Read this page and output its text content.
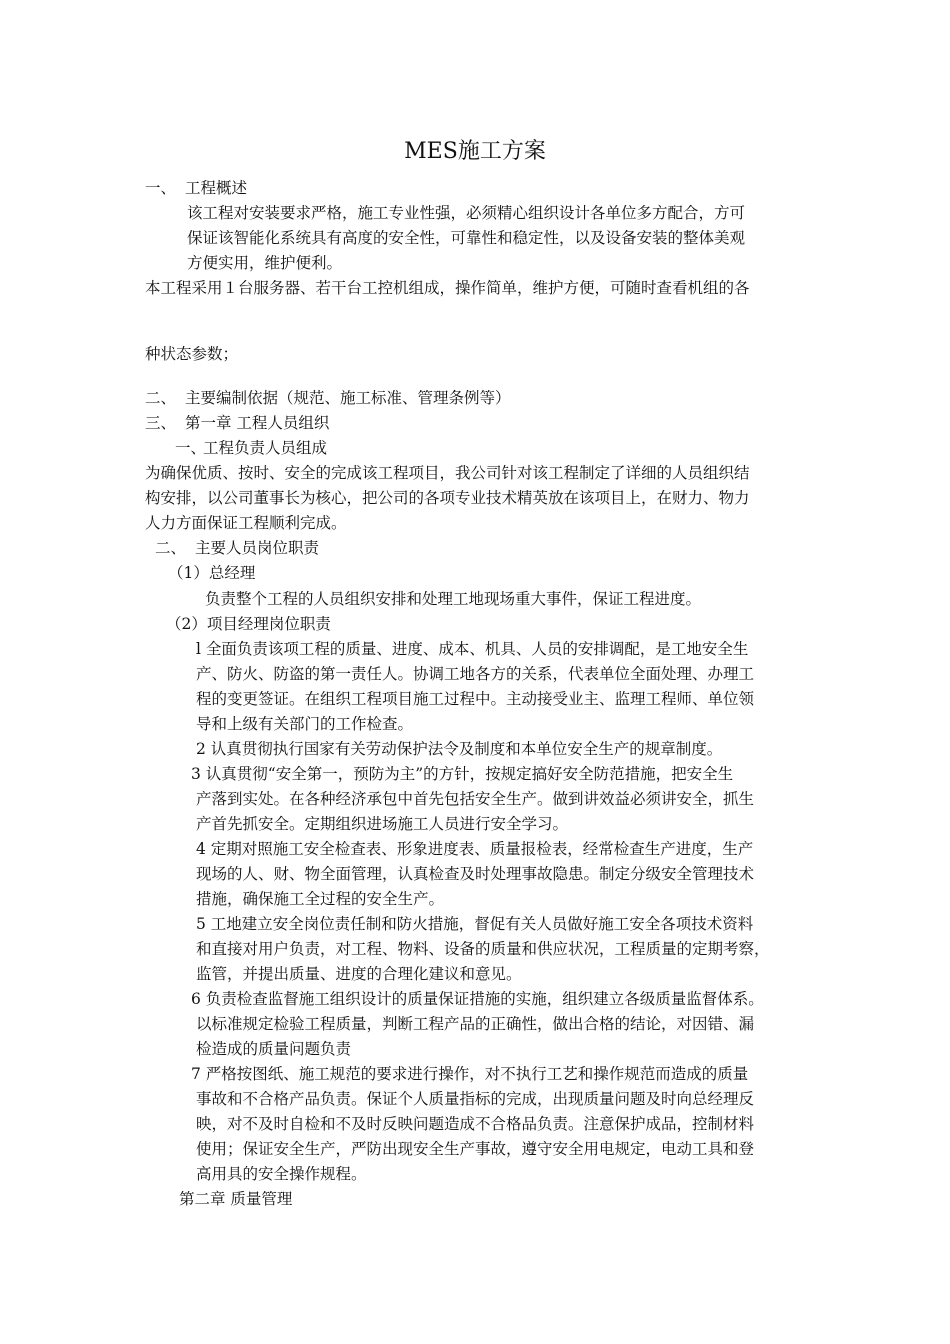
MES施工方案
一、 工程概述
该工程对安装要求严格，施工专业性强，必须精心组织设计各单位多方配合，方可
保证该智能化系统具有高度的安全性，可靠性和稳定性，以及设备安装的整体美观
方便实用，维护便利。
本工程采用１台服务器、若干台工控机组成，操作简单，维护方便，可随时查看机组的各
种状态参数；
二、 主要编制依据（规范、施工标准、管理条例等）
三、 第一章 工程人员组织
一、工程负责人员组成
为确保优质、按时、安全的完成该工程项目，我公司针对该工程制定了详细的人员组织结
构安排，以公司董事长为核心，把公司的各项专业技术精英放在该项目上，在财力、物力
人力方面保证工程顺利完成。
二、 主要人员岗位职责
（1）总经理
负责整个工程的人员组织安排和处理工地现场重大事件，保证工程进度。
（2）项目经理岗位职责
l 全面负责该项工程的质量、进度、成本、机具、人员的安排调配，是工地安全生
产、防火、防盗的第一责任人。协调工地各方的关系，代表单位全面处理、办理工
程的变更签证。在组织工程项目施工过程中。主动接受业主、监理工程师、单位领
导和上级有关部门的工作检查。
2 认真贯彻执行国家有关劳动保护法令及制度和本单位安全生产的规章制度。
3 认真贯彻“安全第一，预防为主”的方针，按规定搞好安全防范措施，把安全生
产落到实处。在各种经济承包中首先包括安全生产。做到讲效益必须讲安全，抓生
产首先抓安全。定期组织进场施工人员进行安全学习。
4 定期对照施工安全检查表、形象进度表、质量报检表，经常检查生产进度，生产
现场的人、财、物全面管理，认真检查及时处理事故隐患。制定分级安全管理技术
措施，确保施工全过程的安全生产。
5 工地建立安全岗位责任制和防火措施，督促有关人员做好施工安全各项技术资料
和直接对用户负责，对工程、物料、设备的质量和供应状况，工程质量的定期考察，
监管，并提出质量、进度的合理化建议和意见。
6 负责检查监督施工组织设计的质量保证措施的实施，组织建立各级质量监督体系。
以标准规定检验工程质量，判断工程产品的正确性，做出合格的结论，对因错、漏
检造成的质量问题负责
7 严格按图纸、施工规范的要求进行操作，对不执行工艺和操作规范而造成的质量
事故和不合格产品负责。保证个人质量指标的完成，出现质量问题及时向总经理反
映，对不及时自检和不及时反映问题造成不合格品负责。注意保护成品，控制材料
使用；保证安全生产，严防出现安全生产事故，遵守安全用电规定，电动工具和登
高用具的安全操作规程。
第二章 质量管理
